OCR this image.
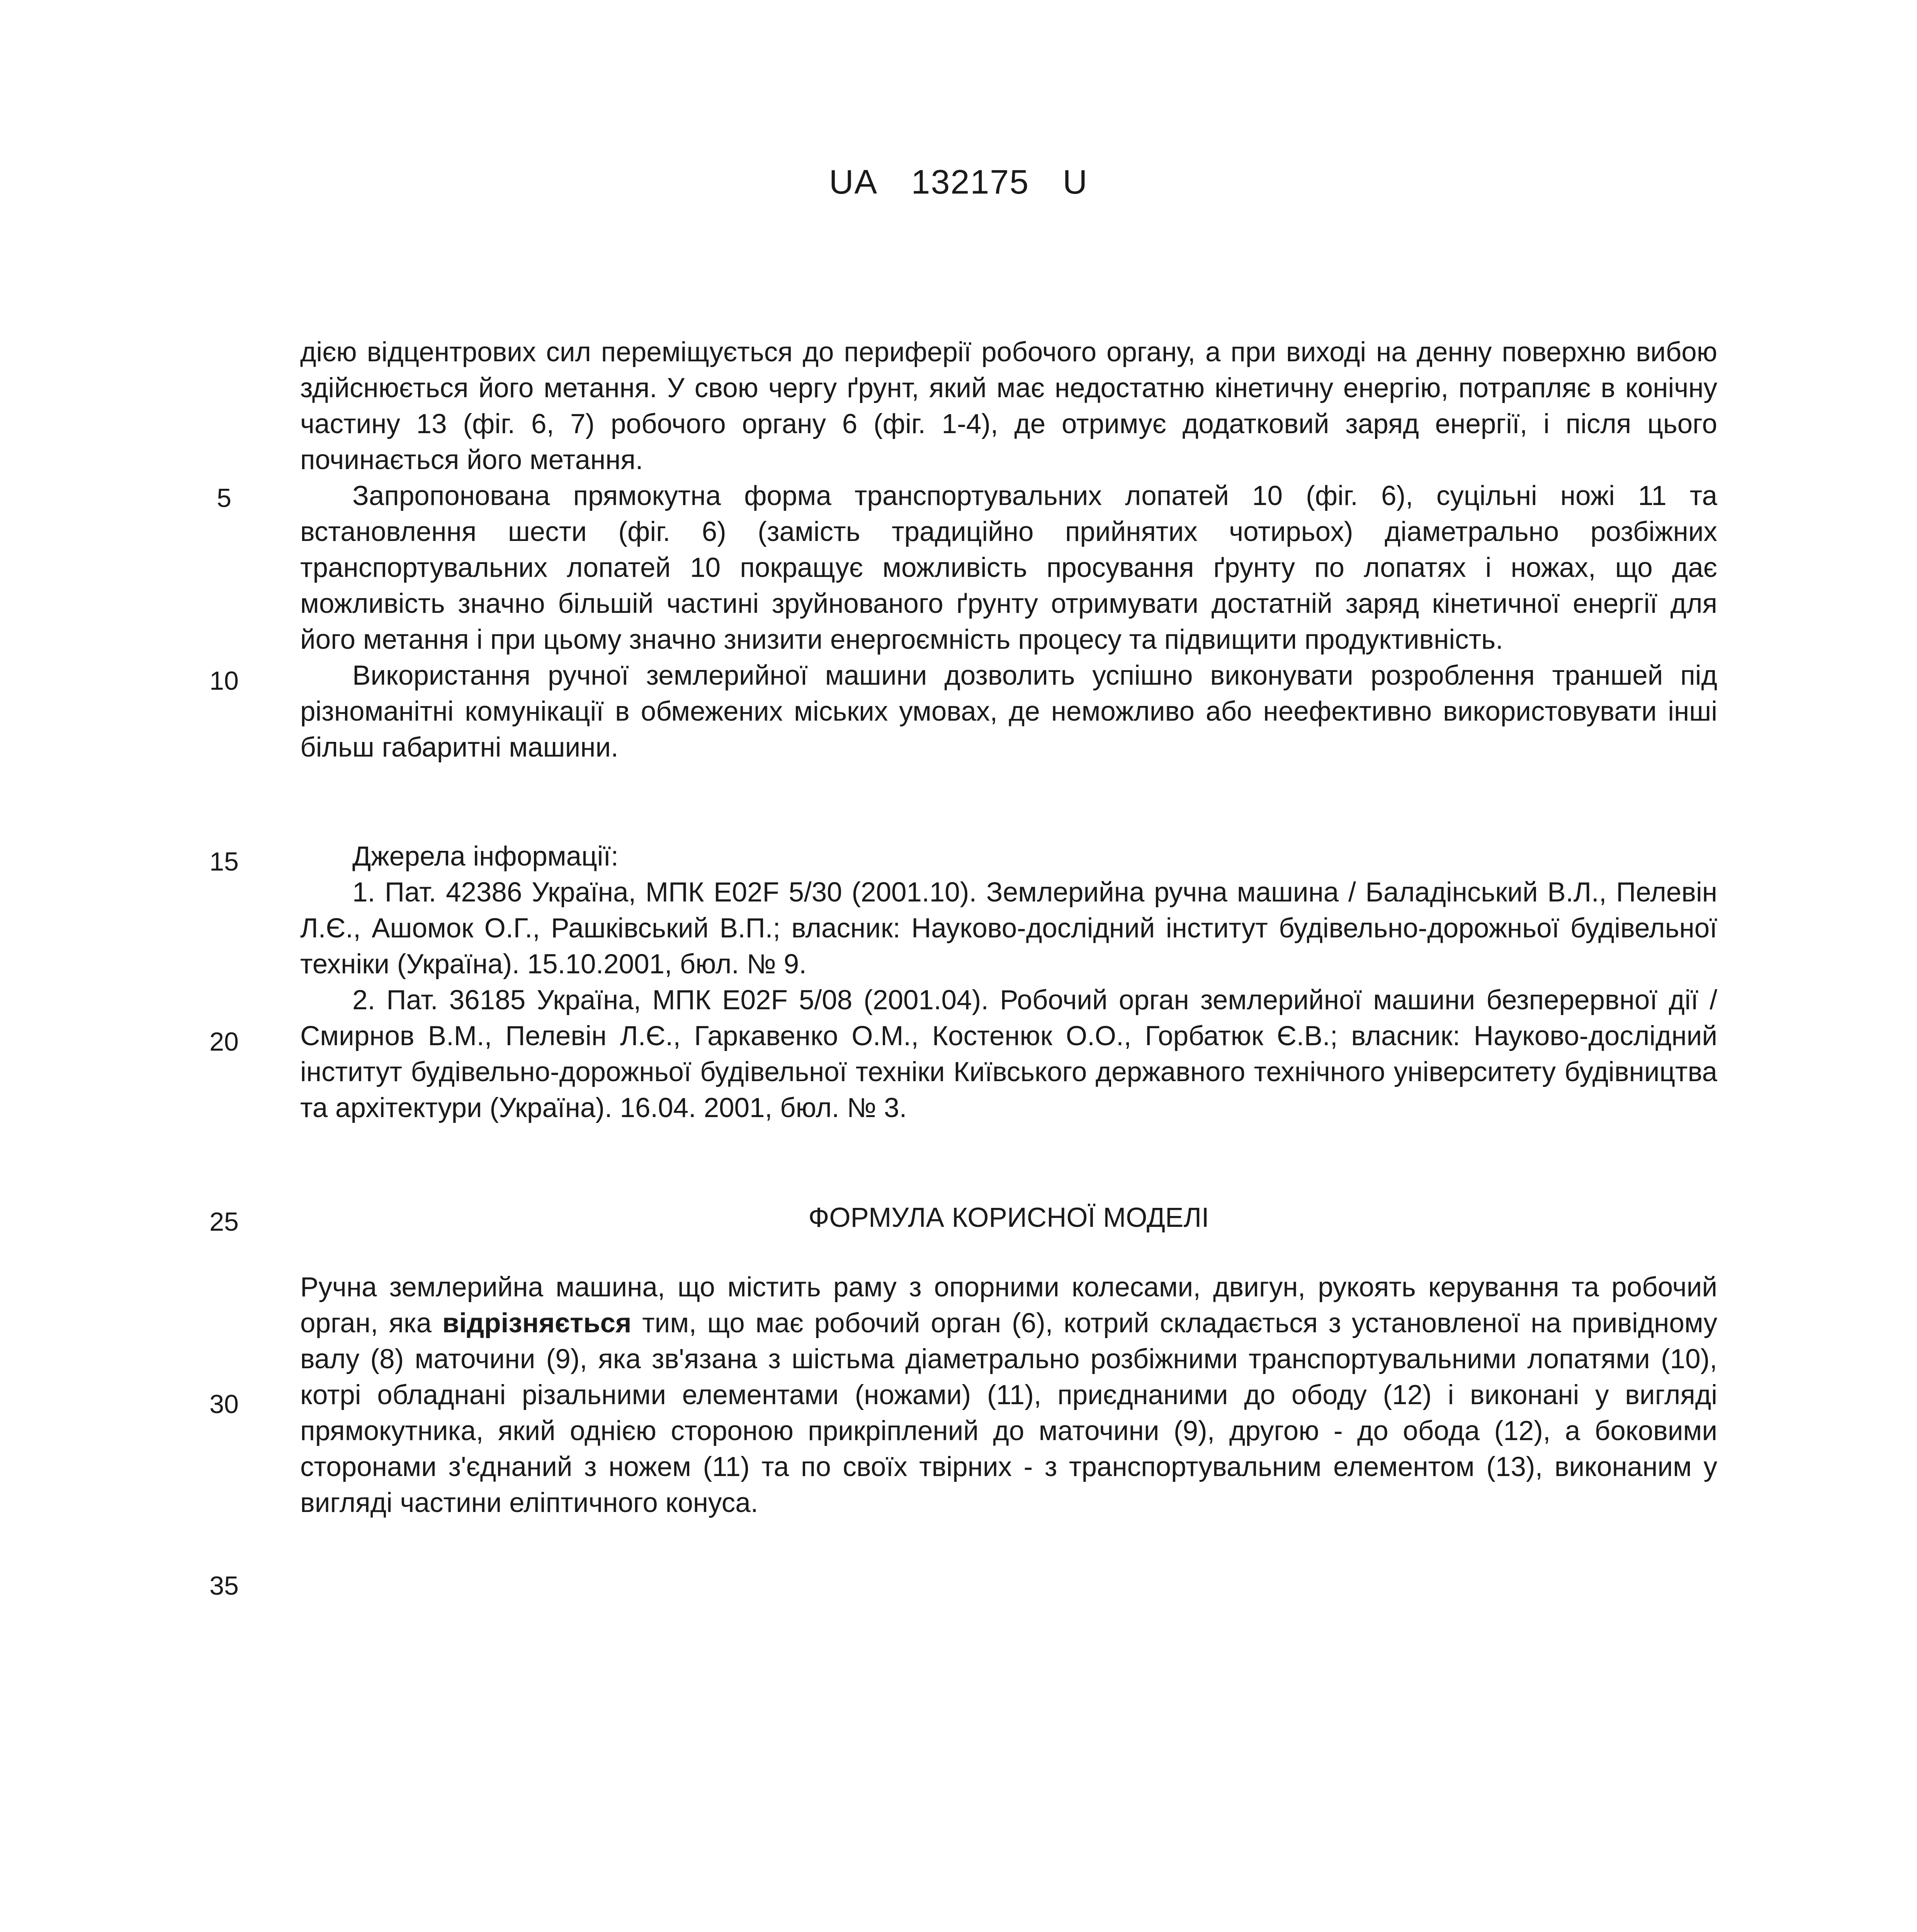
UA 132175 U
5
10
15
20
25
30
35

дією відцентрових сил переміщується до периферії робочого органу, а при виході на денну поверхню вибою здійснюється його метання. У свою чергу ґрунт, який має недостатню кінетичну енергію, потрапляє в конічну частину 13 (фіг. 6, 7) робочого органу 6 (фіг. 1-4), де отримує додатковий заряд енергії, і після цього починається його метання.

Запропонована прямокутна форма транспортувальних лопатей 10 (фіг. 6), суцільні ножі 11 та встановлення шести (фіг. 6) (замість традиційно прийнятих чотирьох) діаметрально розбіжних транспортувальних лопатей 10 покращує можливість просування ґрунту по лопатях і ножах, що дає можливість значно більшій частині зруйнованого ґрунту отримувати достатній заряд кінетичної енергії для його метання і при цьому значно знизити енергоємність процесу та підвищити продуктивність.

Використання ручної землерийної машини дозволить успішно виконувати розроблення траншей під різноманітні комунікації в обмежених міських умовах, де неможливо або неефективно використовувати інші більш габаритні машини.

Джерела інформації:

1. Пат. 42386 Україна, МПК E02F 5/30 (2001.10). Землерийна ручна машина / Баладінський В.Л., Пелевін Л.Є., Ашомок О.Г., Рашківський В.П.; власник: Науково-дослідний інститут будівельно-дорожньої будівельної техніки (Україна). 15.10.2001, бюл. № 9.

2. Пат. 36185 Україна, МПК E02F 5/08 (2001.04). Робочий орган землерийної машини безперервної дії / Смирнов В.М., Пелевін Л.Є., Гаркавенко О.М., Костенюк О.О., Горбатюк Є.В.; власник: Науково-дослідний інститут будівельно-дорожньої будівельної техніки Київського державного технічного університету будівництва та архітектури (Україна). 16.04. 2001, бюл. № 3.

ФОРМУЛА КОРИСНОЇ МОДЕЛІ

Ручна землерийна машина, що містить раму з опорними колесами, двигун, рукоять керування та робочий орган, яка відрізняється тим, що має робочий орган (6), котрий складається з установленої на привідному валу (8) маточини (9), яка зв'язана з шістьма діаметрально розбіжними транспортувальними лопатями (10), котрі обладнані різальними елементами (ножами) (11), приєднаними до ободу (12) і виконані у вигляді прямокутника, який однією стороною прикріплений до маточини (9), другою - до обода (12), а боковими сторонами з'єднаний з ножем (11) та по своїх твірних - з транспортувальним елементом (13), виконаним у вигляді частини еліптичного конуса.
